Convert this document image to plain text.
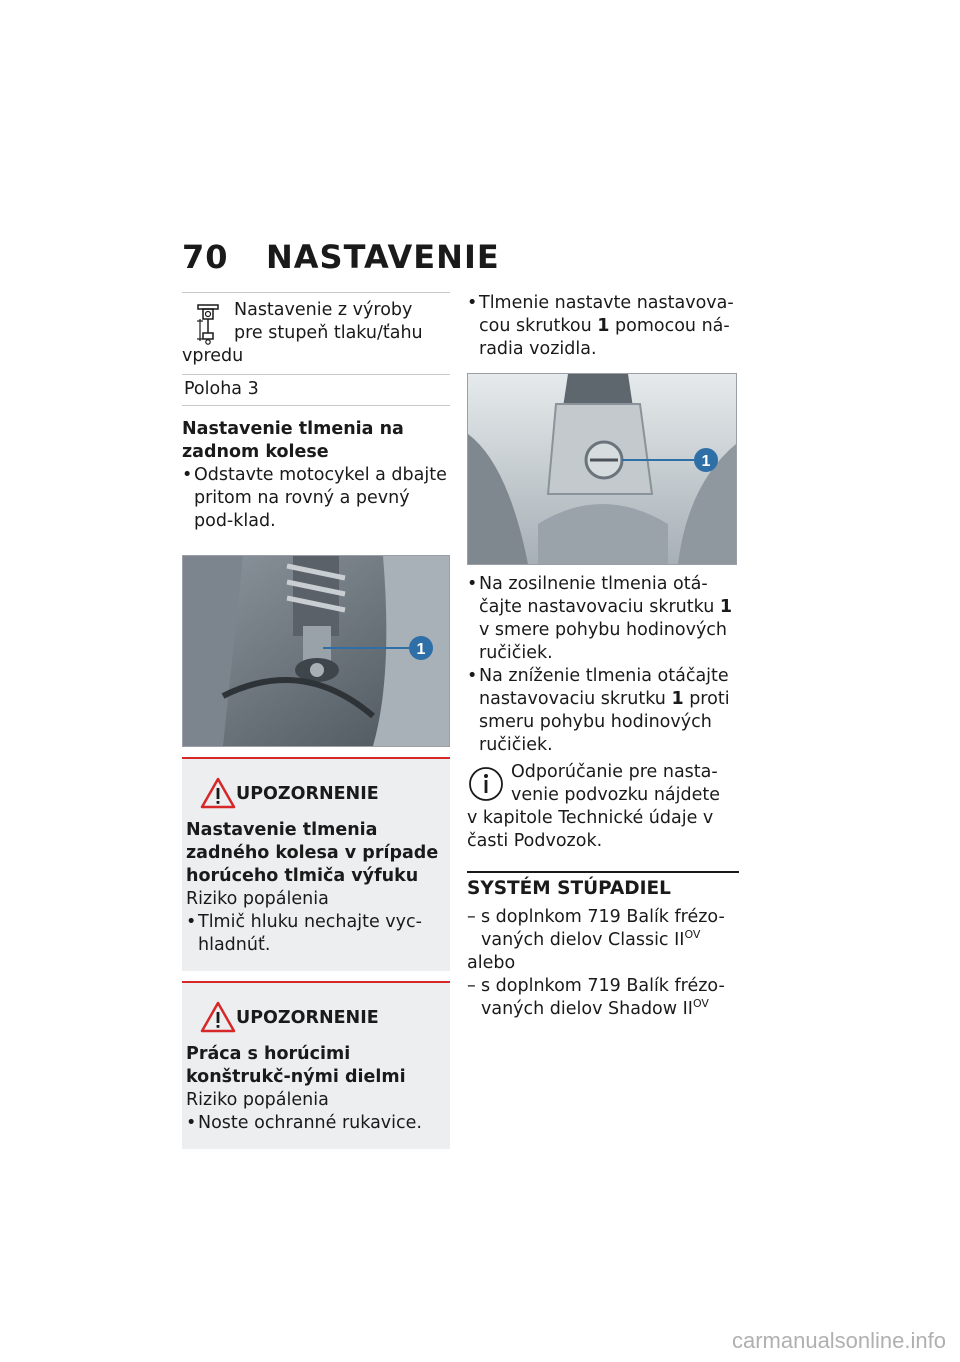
70 NASTAVENIE
Nastavenie z výroby
pre stupeň tlaku/ťahu
vpredu
Poloha 3
Nastavenie tlmenia na
zadnom kolese
• Odstavte motocykel a dbajte pritom na rovný a pevný pod-klad.
1
UPOZORNENIE
Nastavenie tlmenia zadného kolesa v prípade horúceho tlmiča výfuku
Riziko popálenia
• Tlmič hluku nechajte vyc-hladnúť.
UPOZORNENIE
Práca s horúcimi konštrukč-nými dielmi
Riziko popálenia
• Noste ochranné rukavice.
• Tlmenie nastavte nastavova-cou skrutkou 1 pomocou ná-radia vozidla.
1
• Na zosilnenie tlmenia otá-čajte nastavovaciu skrutku 1 v smere pohybu hodinových ručičiek.
• Na zníženie tlmenia otáčajte nastavovaciu skrutku 1 proti smeru pohybu hodinových ručičiek.
Odporúčanie pre nasta-
venie podvozku nájdete
v kapitole Technické údaje v časti Podvozok.
SYSTÉM STÚPADIEL
– s doplnkom 719 Balík frézo-vaných dielov Classic $II^{OV}$
alebo
– s doplnkom 719 Balík frézo-vaných dielov Shadow $II^{OV}$
carmanualsonline.info
